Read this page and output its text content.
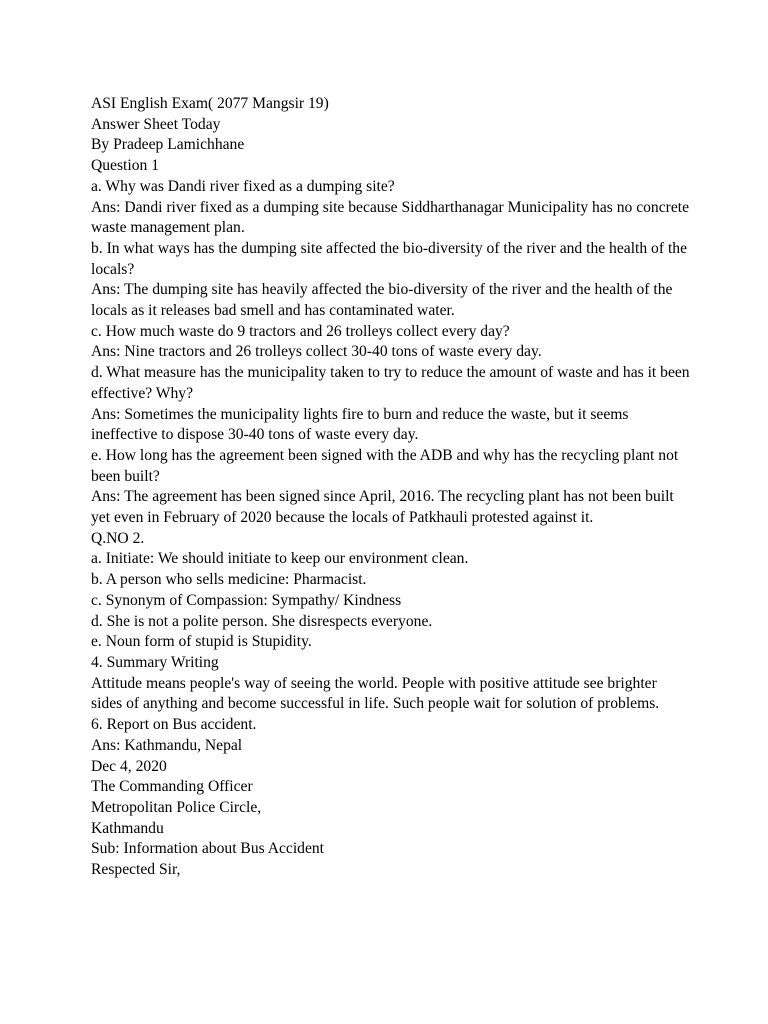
ASI English Exam( 2077 Mangsir 19)

Answer Sheet Today

By Pradeep Lamichhane

Question 1

a. Why was Dandi river fixed as a dumping site?

Ans: Dandi river fixed as a dumping site because Siddharthanagar Municipality has no concrete waste management plan.

b. In what ways has the dumping site affected the bio-diversity of the river and the health of the locals?

Ans: The dumping site has heavily affected the bio-diversity of the river and the health of the locals as it releases bad smell and has contaminated water.

c. How much waste do 9 tractors and 26 trolleys collect every day?

Ans: Nine tractors and 26 trolleys collect 30-40 tons of waste every day.

d. What measure has the municipality taken to try to reduce the amount of waste and has it been effective? Why?

Ans: Sometimes the municipality lights fire to burn and reduce the waste, but it seems ineffective to dispose 30-40 tons of waste every day.

e. How long has the agreement been signed with the ADB and why has the recycling plant not been built?

Ans: The agreement has been signed since April, 2016. The recycling plant has not been built yet even in February of 2020 because the locals of Patkhauli protested against it.

Q.NO 2.

a. Initiate: We should initiate to keep our environment clean.

b. A person who sells medicine: Pharmacist.

c. Synonym of Compassion: Sympathy/ Kindness

d. She is not a polite person. She disrespects everyone.

e. Noun form of stupid is Stupidity.

4. Summary Writing

Attitude means people's way of seeing the world. People with positive attitude see brighter sides of anything and become successful in life. Such people wait for solution of problems.

6. Report on Bus accident.

Ans: Kathmandu, Nepal

Dec 4, 2020

The Commanding Officer

Metropolitan Police Circle,

Kathmandu

Sub: Information about Bus Accident

Respected Sir,
